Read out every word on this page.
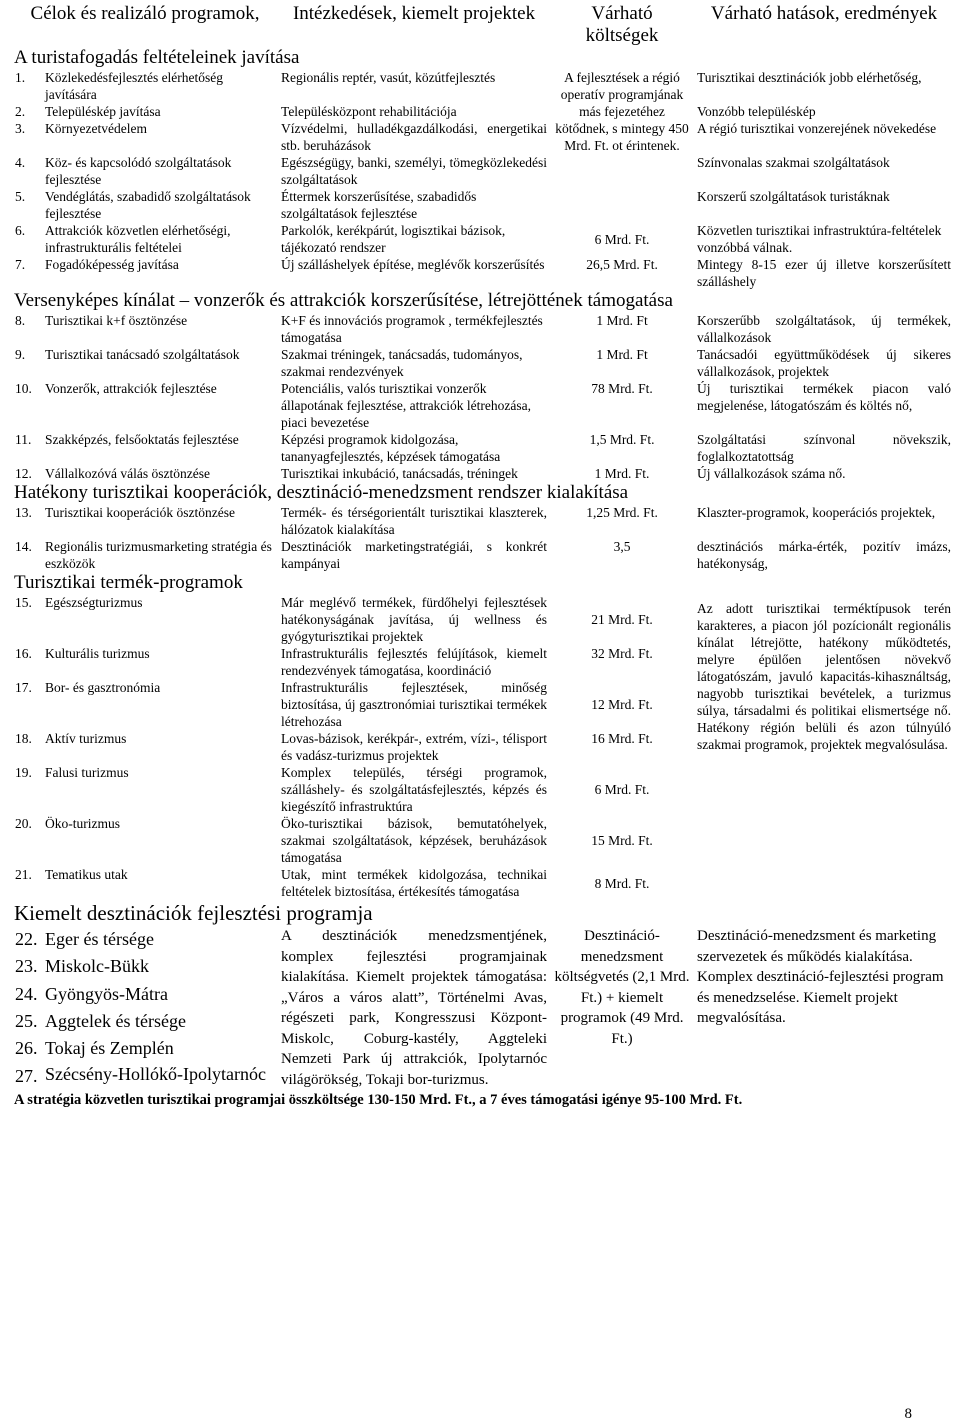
Célok és realizáló programok,		Intézkedések, kiemelt projektek	Várható költségek	Várható hatások, eredmények
A turistafogadás feltételeinek javítása				
1.	Közlekedésfejlesztés elérhetőség javítására	Regionális reptér, vasút, közútfejlesztés	A fejlesztések a régió operatív programjának más fejezetéhez kötődnek, s mintegy 450 Mrd. Ft. ot érintenek.	Turisztikai desztinációk jobb elérhetőség,
2.	Településkép javítása	Településközpont rehabilitációja		Vonzóbb településkép
3.	Környezetvédelem	Vízvédelmi, hulladékgazdálkodási, energetikai stb. beruházások		A régió turisztikai vonzerejének növekedése
4.	Köz- és kapcsolódó szolgáltatások fejlesztése	Egészségügy, banki, személyi, tömegközlekedési szolgáltatások		Színvonalas szakmai szolgáltatások
5.	Vendéglátás, szabadidő szolgáltatások fejlesztése	Éttermek korszerűsítése, szabadidős szolgáltatások fejlesztése		Korszerű szolgáltatások turistáknak
6.	Attrakciók közvetlen elérhetőségi, infrastrukturális feltételei	Parkolók, kerékpárút, logisztikai bázisok, tájékozató rendszer	6 Mrd. Ft.	Közvetlen turisztikai infrastruktúra-feltételek vonzóbbá válnak.
7.	Fogadóképesség javítása	Új szálláshelyek építése, meglévők korszerűsítés	26,5 Mrd. Ft.	Mintegy 8-15 ezer új illetve korszerűsített szálláshely
Versenyképes kínálat – vonzerők és attrakciók korszerűsítése, létrejöttének támogatása				
8.	Turisztikai k+f ösztönzése	K+F és innovációs programok , termékfejlesztés támogatása	1 Mrd. Ft	Korszerűbb szolgáltatások, új termékek, vállalkozások
9.	Turisztikai tanácsadó szolgáltatások	Szakmai tréningek, tanácsadás, tudományos, szakmai rendezvények	1 Mrd. Ft	Tanácsadói együttműködések új sikeres vállalkozások, projektek
10.	Vonzerők, attrakciók fejlesztése	Potenciális, valós turisztikai vonzerők állapotának fejlesztése, attrakciók létrehozása, piaci bevezetése	78 Mrd. Ft.	Új turisztikai termékek piacon való megjelenése, látogatószám és költés nő,
11.	Szakképzés, felsőoktatás fejlesztése	Képzési programok kidolgozása, tananyagfejlesztés, képzések támogatása	1,5 Mrd. Ft.	Szolgáltatási színvonal növekszik, foglalkoztatottság
12.	Vállalkozóvá válás ösztönzése	Turisztikai inkubáció, tanácsadás, tréningek	1 Mrd. Ft.	Új vállalkozások száma nő.
Hatékony turisztikai kooperációk, desztináció-menedzsment rendszer kialakítása				
13.	Turisztikai kooperációk ösztönzése	Termék- és térségorientált turisztikai klaszterek, hálózatok kialakítása	1,25 Mrd. Ft.	Klaszter-programok, kooperációs projektek,
14.	Regionális turizmusmarketing stratégia és eszközök	Desztinációk marketingstratégiái, s konkrét kampányai	3,5	desztinációs márka-érték, pozitív imázs, hatékonyság,
Turisztikai termék-programok				
15.	Egészségturizmus	Már meglévő termékek, fürdőhelyi fejlesztések hatékonyságának javítása, új wellness és gyógyturisztikai projektek	21 Mrd. Ft.	Az adott turisztikai terméktípusok terén karakteres, a piacon jól pozícionált regionális kínálat létrejötte, hatékony működtetés, melyre épülően jelentősen növekvő látogatószám, javuló kapacitás-kihasználtság, nagyobb turisztikai bevételek, a turizmus súlya, társadalmi és politikai elismertsége nő. Hatékony régión belüli és azon túlnyúló szakmai programok, projektek megvalósulása.
16.	Kulturális turizmus	Infrastrukturális fejlesztés felújítások, kiemelt rendezvények támogatása, koordináció	32 Mrd. Ft.	
17.	Bor- és gasztronómia	Infrastrukturális fejlesztések, minőség biztosítása, új gasztronómiai turisztikai termékek létrehozása	12 Mrd. Ft.	
18.	Aktív turizmus	Lovas-bázisok, kerékpár-, extrém, vízi-, télisport és vadász-turizmus projektek	16 Mrd. Ft.	
19.	Falusi turizmus	Komplex település, térségi programok, szálláshely- és szolgáltatásfejlesztés, képzés és kiegészítő infrastruktúra	6 Mrd. Ft.	
20.	Öko-turizmus	Öko-turisztikai bázisok, bemutatóhelyek, szakmai szolgáltatások, képzések, beruházások támogatása	15 Mrd. Ft.	
21.	Tematikus utak	Utak, mint termékek kidolgozása, technikai feltételek biztosítása, értékesítés támogatása	8 Mrd. Ft.	
Kiemelt desztinációk fejlesztési programja				
22.	Eger és térsége	A desztinációk menedzsmentjének, komplex fejlesztési programjainak kialakítása. Kiemelt projektek támogatása: „Város a város alatt”, Történelmi Avas, régészeti park, Kongresszusi Központ-Miskolc, Coburg-kastély, Aggteleki Nemzeti Park új attrakciók, Ipolytarnóc világörökség, Tokaji bor-turizmus.	Desztináció-menedzsment költségvetés (2,1 Mrd. Ft.) + kiemelt programok (49 Mrd. Ft.)	Desztináció-menedzsment és marketing szervezetek és működés kialakítása. Komplex desztináció-fejlesztési program és menedzselése. Kiemelt projekt megvalósítása.
23.	Miskolc-Bükk			
24.	Gyöngyös-Mátra			
25.	Aggtelek és térsége			
26.	Tokaj és Zemplén			
27.	Szécsény-Hollókő-Ipolytarnóc			
A stratégia közvetlen turisztikai programjai összköltsége 130-150 Mrd. Ft., a 7 éves támogatási igénye 95-100 Mrd. Ft.				
8
